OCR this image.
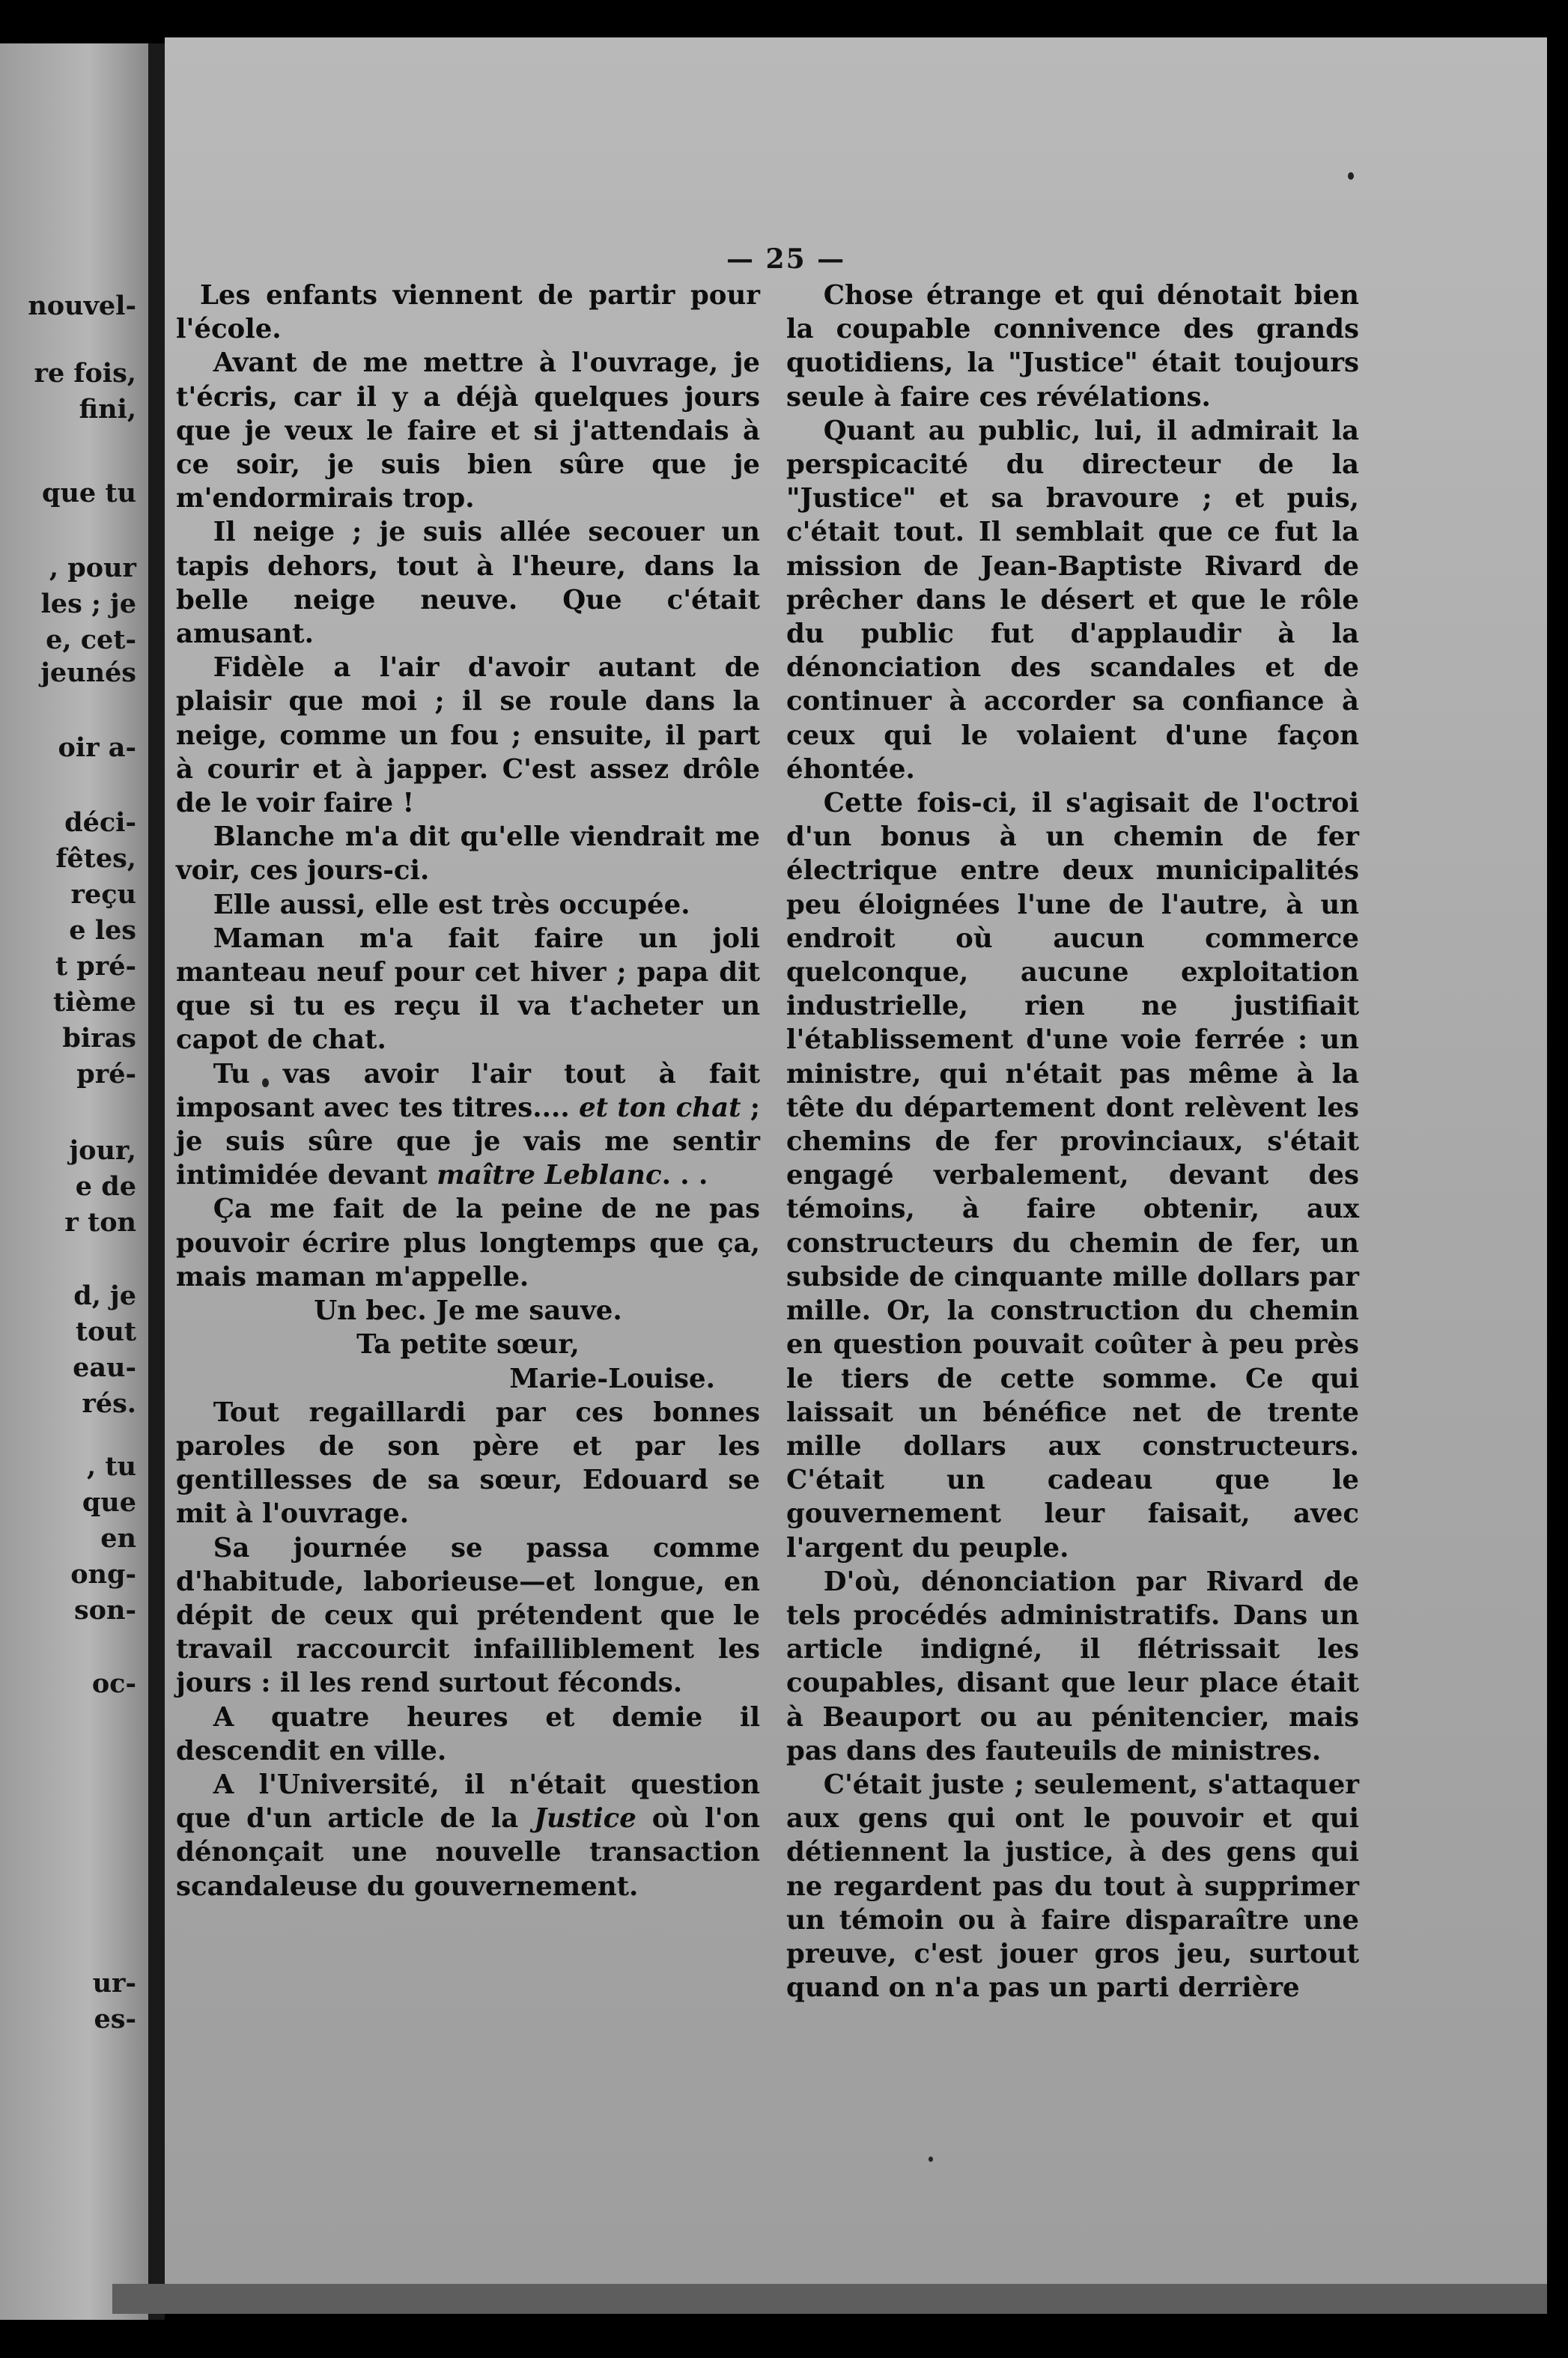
nouvel-
re fois,
fini,
que tu
, pour
les ; je
e, cet-
jeunés
oir a-
déci-
fêtes,
reçu
e les
t pré-
tième
biras
pré-
jour,
e de
r ton
d, je
tout
eau-
rés.
, tu
que
en
ong-
son-
oc-
ur-
es-
— 25 —

Les enfants viennent de partir pour l'école.

Avant de me mettre à l'ouvrage, je t'écris, car il y a déjà quelques jours que je veux le faire et si j'attendais à ce soir, je suis bien sûre que je m'endormirais trop.

Il neige ; je suis allée secouer un tapis dehors, tout à l'heure, dans la belle neige neuve. Que c'était amusant.

Fidèle a l'air d'avoir autant de plaisir que moi ; il se roule dans la neige, comme un fou ; ensuite, il part à courir et à japper. C'est assez drôle de le voir faire !

Blanche m'a dit qu'elle viendrait me voir, ces jours-ci.

Elle aussi, elle est très occupée.

Maman m'a fait faire un joli manteau neuf pour cet hiver ; papa dit que si tu es reçu il va t'acheter un capot de chat.

Tu vas avoir l'air tout à fait imposant avec tes titres.... et ton chat ; je suis sûre que je vais me sentir intimidée devant maître Leblanc. . .

Ça me fait de la peine de ne pas pouvoir écrire plus longtemps que ça, mais maman m'appelle.

Un bec. Je me sauve.

Ta petite sœur,

Marie-Louise.

Tout regaillardi par ces bonnes paroles de son père et par les gentillesses de sa sœur, Edouard se mit à l'ouvrage.

Sa journée se passa comme d'habitude, laborieuse—et longue, en dépit de ceux qui prétendent que le travail raccourcit infailliblement les jours : il les rend surtout féconds.

A quatre heures et demie il descendit en ville.

A l'Université, il n'était question que d'un article de la Justice où l'on dénonçait une nouvelle transaction scandaleuse du gouvernement.

Chose étrange et qui dénotait bien la coupable connivence des grands quotidiens, la "Justice" était toujours seule à faire ces révélations.

Quant au public, lui, il admirait la perspicacité du directeur de la "Justice" et sa bravoure ; et puis, c'était tout. Il semblait que ce fut la mission de Jean-Baptiste Rivard de prêcher dans le désert et que le rôle du public fut d'applaudir à la dénonciation des scandales et de continuer à accorder sa confiance à ceux qui le volaient d'une façon éhontée.

Cette fois-ci, il s'agisait de l'octroi d'un bonus à un chemin de fer électrique entre deux municipalités peu éloignées l'une de l'autre, à un endroit où aucun commerce quelconque, aucune exploitation industrielle, rien ne justifiait l'établissement d'une voie ferrée : un ministre, qui n'était pas même à la tête du département dont relèvent les chemins de fer provinciaux, s'était engagé verbalement, devant des témoins, à faire obtenir, aux constructeurs du chemin de fer, un subside de cinquante mille dollars par mille. Or, la construction du chemin en question pouvait coûter à peu près le tiers de cette somme. Ce qui laissait un bénéfice net de trente mille dollars aux constructeurs. C'était un cadeau que le gouvernement leur faisait, avec l'argent du peuple.

D'où, dénonciation par Rivard de tels procédés administratifs. Dans un article indigné, il flétrissait les coupables, disant que leur place était à Beauport ou au pénitencier, mais pas dans des fauteuils de ministres.

C'était juste ; seulement, s'attaquer aux gens qui ont le pouvoir et qui détiennent la justice, à des gens qui ne regardent pas du tout à supprimer un témoin ou à faire disparaître une preuve, c'est jouer gros jeu, surtout quand on n'a pas un parti derrière
